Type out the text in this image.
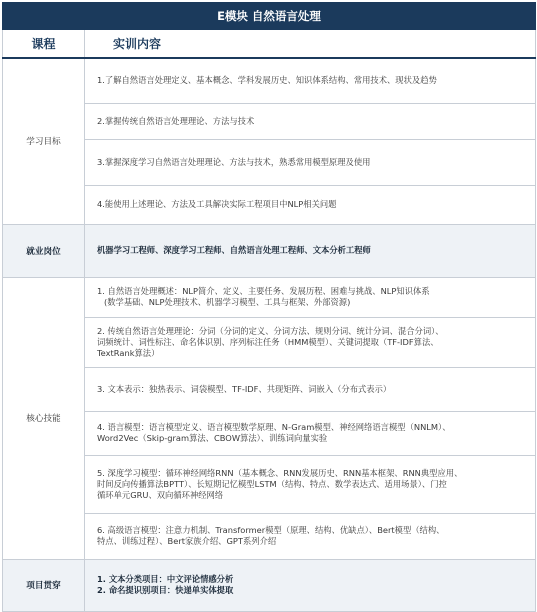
E模块 自然语言处理	
课程	实训内容
学习目标	1.了解自然语言处理定义、基本概念、学科发展历史、知识体系结构、常用技术、现状及趋势
	2.掌握传统自然语言处理理论、方法与技术
	3.掌握深度学习自然语言处理理论、方法与技术，熟悉常用模型原理及使用
	4.能使用上述理论、方法及工具解决实际工程项目中NLP相关问题
就业岗位	机器学习工程师、深度学习工程师、自然语言处理工程师、文本分析工程师
核心技能	1. 自然语言处理概述：NLP简介、定义、主要任务、发展历程、困难与挑战、NLP知识体系

(数学基础、NLP处理技术、机器学习模型、工具与框架、外部资源)

	2. 传统自然语言处理理论：分词（分词的定义、分词方法、规则分词、统计分词、混合分词）、
词频统计、词性标注、命名体识别、序列标注任务（HMM模型）、关键词提取（TF-IDF算法、
TextRank算法）
	3. 文本表示：独热表示、词袋模型、TF-IDF、共现矩阵、词嵌入（分布式表示）
	4. 语言模型：语言模型定义、语言模型数学原理、N-Gram模型、神经网络语言模型（NNLM）、
Word2Vec（Skip-gram算法、CBOW算法）、训练词向量实验
	5. 深度学习模型：循环神经网络RNN（基本概念、RNN发展历史、RNN基本框架、RNN典型应用、
时间反向传播算法BPTT）、长短期记忆模型LSTM（结构、特点、数学表达式、适用场景）、门控
循环单元GRU、双向循环神经网络
	6. 高级语言模型：注意力机制、Transformer模型（原理、结构、优缺点）、Bert模型（结构、
特点、训练过程）、Bert家族介绍、GPT系列介绍
项目贯穿	1. 文本分类项目：中文评论情感分析
2. 命名提识别项目：快递单实体提取
